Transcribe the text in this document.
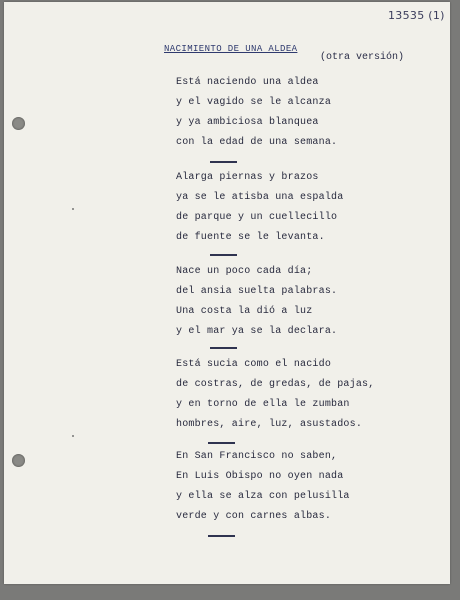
13535 (1)
NACIMIENTO DE UNA ALDEA
(otra versión)
Está naciendo una aldea
y el vagido se le alcanza
y ya ambiciosa blanquea
con la edad de una semana.
Alarga piernas y brazos
ya se le atisba una espalda
de parque y un cuellecillo
de fuente se le levanta.
Nace un poco cada día;
del ansia suelta palabras.
Una costa la dió a luz
y el mar ya se la declara.
Está sucia como el nacido
de costras, de gredas, de pajas,
y en torno de ella le zumban
hombres, aire, luz, asustados.
En San Francisco no saben,
En Luis Obispo no oyen nada
y ella se alza con pelusilla
verde y con carnes albas.
